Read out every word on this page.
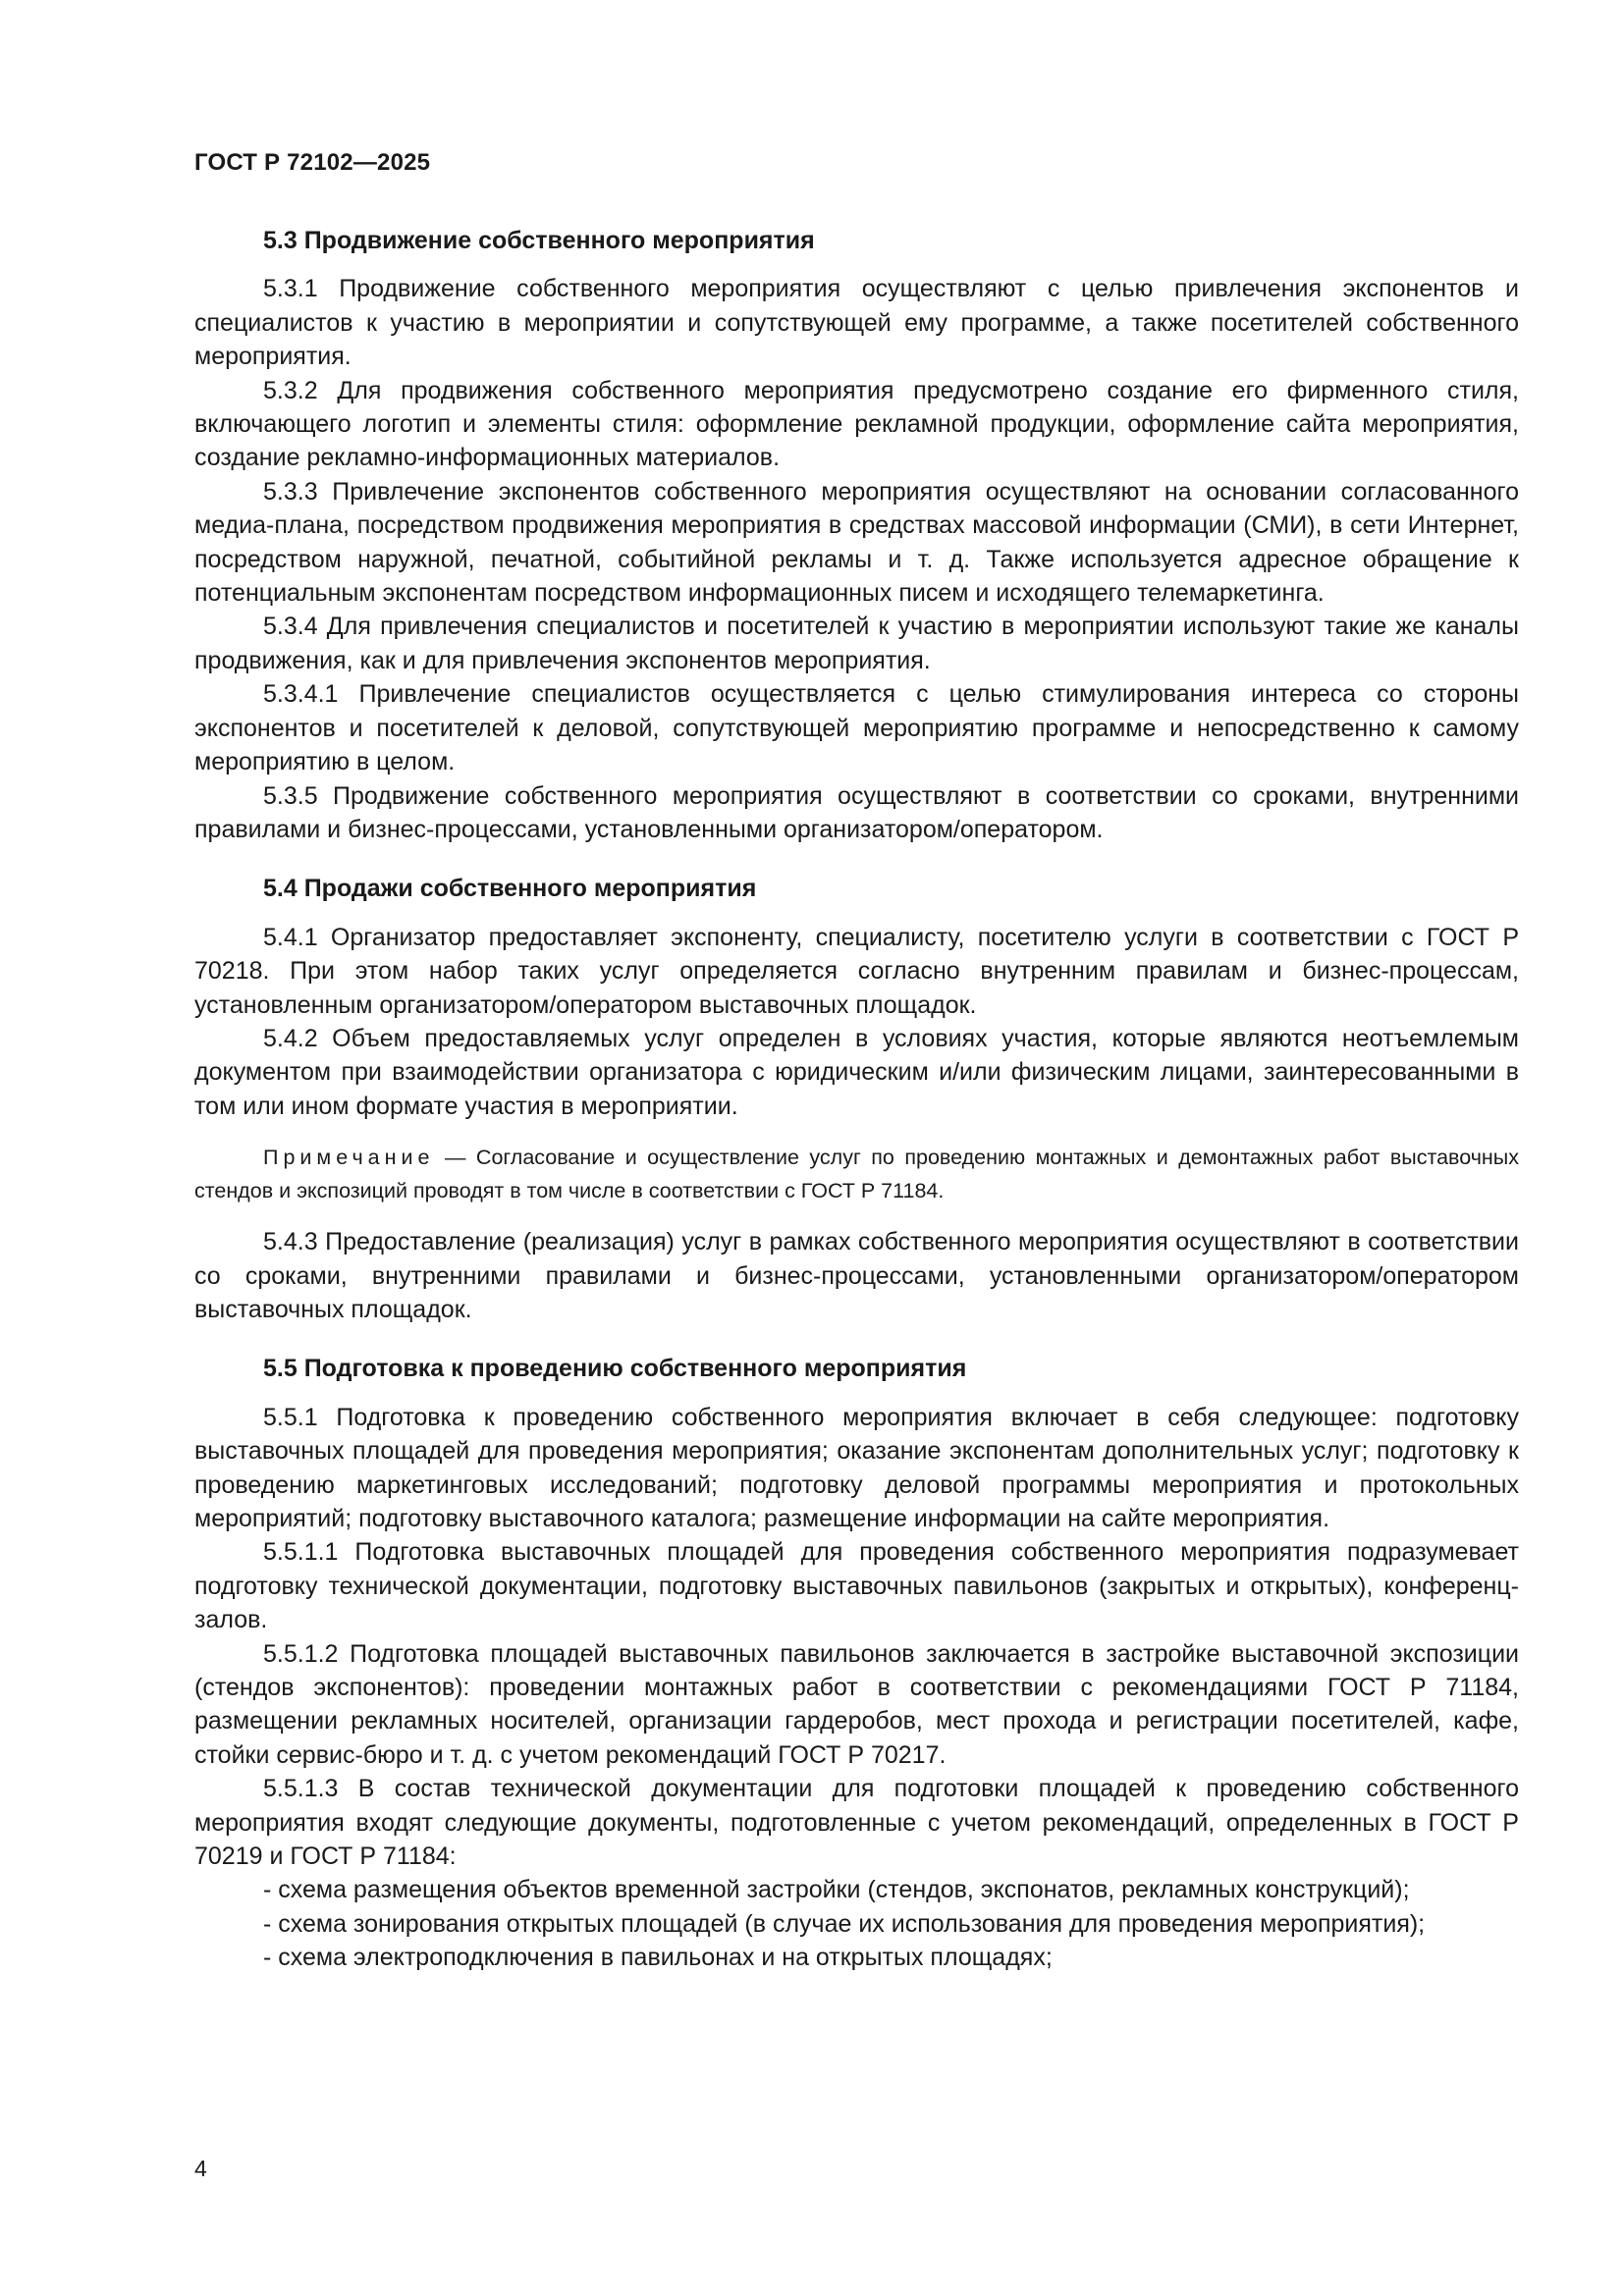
ГОСТ Р 72102—2025
5.3 Продвижение собственного мероприятия

5.3.1 Продвижение собственного мероприятия осуществляют с целью привлечения экспонентов и специалистов к участию в мероприятии и сопутствующей ему программе, а также посетителей собственного мероприятия.

5.3.2 Для продвижения собственного мероприятия предусмотрено создание его фирменного стиля, включающего логотип и элементы стиля: оформление рекламной продукции, оформление сайта мероприятия, создание рекламно-информационных материалов.

5.3.3 Привлечение экспонентов собственного мероприятия осуществляют на основании согласованного медиа-плана, посредством продвижения мероприятия в средствах массовой информации (СМИ), в сети Интернет, посредством наружной, печатной, событийной рекламы и т. д. Также используется адресное обращение к потенциальным экспонентам посредством информационных писем и исходящего телемаркетинга.

5.3.4 Для привлечения специалистов и посетителей к участию в мероприятии используют такие же каналы продвижения, как и для привлечения экспонентов мероприятия.

5.3.4.1 Привлечение специалистов осуществляется с целью стимулирования интереса со стороны экспонентов и посетителей к деловой, сопутствующей мероприятию программе и непосредственно к самому мероприятию в целом.

5.3.5 Продвижение собственного мероприятия осуществляют в соответствии со сроками, внутренними правилами и бизнес-процессами, установленными организатором/оператором.

5.4 Продажи собственного мероприятия

5.4.1 Организатор предоставляет экспоненту, специалисту, посетителю услуги в соответствии с ГОСТ Р 70218. При этом набор таких услуг определяется согласно внутренним правилам и бизнес-процессам, установленным организатором/оператором выставочных площадок.

5.4.2 Объем предоставляемых услуг определен в условиях участия, которые являются неотъемлемым документом при взаимодействии организатора с юридическим и/или физическим лицами, заинтересованными в том или ином формате участия в мероприятии.

Примечание — Согласование и осуществление услуг по проведению монтажных и демонтажных работ выставочных стендов и экспозиций проводят в том числе в соответствии с ГОСТ Р 71184.

5.4.3 Предоставление (реализация) услуг в рамках собственного мероприятия осуществляют в соответствии со сроками, внутренними правилами и бизнес-процессами, установленными организатором/оператором выставочных площадок.

5.5 Подготовка к проведению собственного мероприятия

5.5.1 Подготовка к проведению собственного мероприятия включает в себя следующее: подготовку выставочных площадей для проведения мероприятия; оказание экспонентам дополнительных услуг; подготовку к проведению маркетинговых исследований; подготовку деловой программы мероприятия и протокольных мероприятий; подготовку выставочного каталога; размещение информации на сайте мероприятия.

5.5.1.1 Подготовка выставочных площадей для проведения собственного мероприятия подразумевает подготовку технической документации, подготовку выставочных павильонов (закрытых и открытых), конференц-залов.

5.5.1.2 Подготовка площадей выставочных павильонов заключается в застройке выставочной экспозиции (стендов экспонентов): проведении монтажных работ в соответствии с рекомендациями ГОСТ Р 71184, размещении рекламных носителей, организации гардеробов, мест прохода и регистрации посетителей, кафе, стойки сервис-бюро и т. д. с учетом рекомендаций ГОСТ Р 70217.

5.5.1.3 В состав технической документации для подготовки площадей к проведению собственного мероприятия входят следующие документы, подготовленные с учетом рекомендаций, определенных в ГОСТ Р 70219 и ГОСТ Р 71184:

- схема размещения объектов временной застройки (стендов, экспонатов, рекламных конструкций);

- схема зонирования открытых площадей (в случае их использования для проведения мероприятия);

- схема электроподключения в павильонах и на открытых площадях;

4
